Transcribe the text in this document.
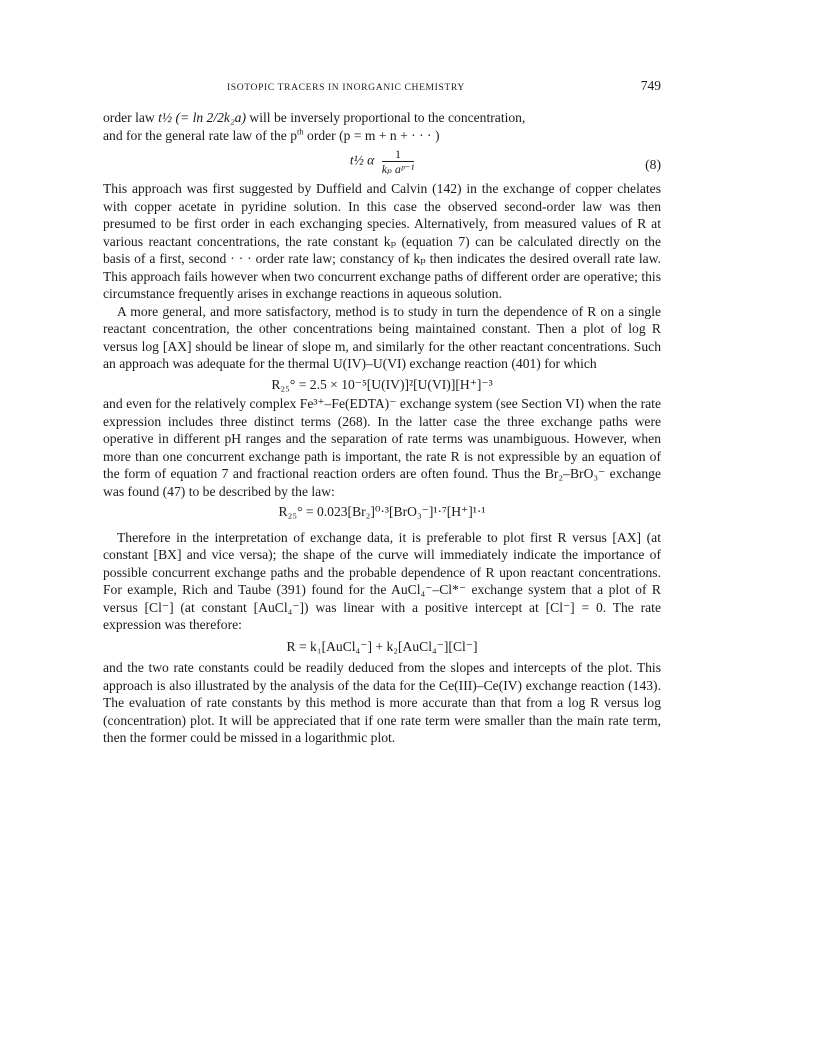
ISOTOPIC TRACERS IN INORGANIC CHEMISTRY	749

order law t½ (= ln 2/2k₂a) will be inversely proportional to the concentration,
and for the general rate law of the $p^{th}$ order (p = m + n + · · · )

t½ α $\frac{1}{\text{kₚ aᵖ⁻¹}}$	(8)

This approach was first suggested by Duffield and Calvin (142) in the exchange of copper chelates with copper acetate in pyridine solution. In this case the observed second-order law was then presumed to be first order in each exchanging species. Alternatively, from measured values of R at various reactant concentrations, the rate constant kₚ (equation 7) can be calculated directly on the basis of a first, second · · · order rate law; constancy of kₚ then indicates the desired overall rate law. This approach fails however when two concurrent exchange paths of different order are operative; this circumstance frequently arises in exchange reactions in aqueous solution.

A more general, and more satisfactory, method is to study in turn the dependence of R on a single reactant concentration, the other concentrations being maintained constant. Then a plot of log R versus log [AX] should be linear of slope m, and similarly for the other reactant concentrations. Such an approach was adequate for the thermal U(IV)–U(VI) exchange reaction (401) for which

R₂₅° = 2.5 × 10⁻⁵[U(IV)]²[U(VI)][H⁺]⁻³

and even for the relatively complex Fe³⁺–Fe(EDTA)⁻ exchange system (see Section VI) when the rate expression includes three distinct terms (268). In the latter case the three exchange paths were operative in different pH ranges and the separation of rate terms was unambiguous. However, when more than one concurrent exchange path is important, the rate R is not expressible by an equation of the form of equation 7 and fractional reaction orders are often found. Thus the Br₂–BrO₃⁻ exchange was found (47) to be described by the law:

R₂₅° = 0.023[Br₂]⁰·³[BrO₃⁻]¹·⁷[H⁺]¹·¹

Therefore in the interpretation of exchange data, it is preferable to plot first R versus [AX] (at constant [BX] and vice versa); the shape of the curve will immediately indicate the importance of possible concurrent exchange paths and the probable dependence of R upon reactant concentrations. For example, Rich and Taube (391) found for the AuCl₄⁻–Cl*⁻ exchange system that a plot of R versus [Cl⁻] (at constant [AuCl₄⁻]) was linear with a positive intercept at [Cl⁻] = 0. The rate expression was therefore:

R = k₁[AuCl₄⁻] + k₂[AuCl₄⁻][Cl⁻]

and the two rate constants could be readily deduced from the slopes and intercepts of the plot. This approach is also illustrated by the analysis of the data for the Ce(III)–Ce(IV) exchange reaction (143). The evaluation of rate constants by this method is more accurate than that from a log R versus log (concentration) plot. It will be appreciated that if one rate term were smaller than the main rate term, then the former could be missed in a logarithmic plot.
